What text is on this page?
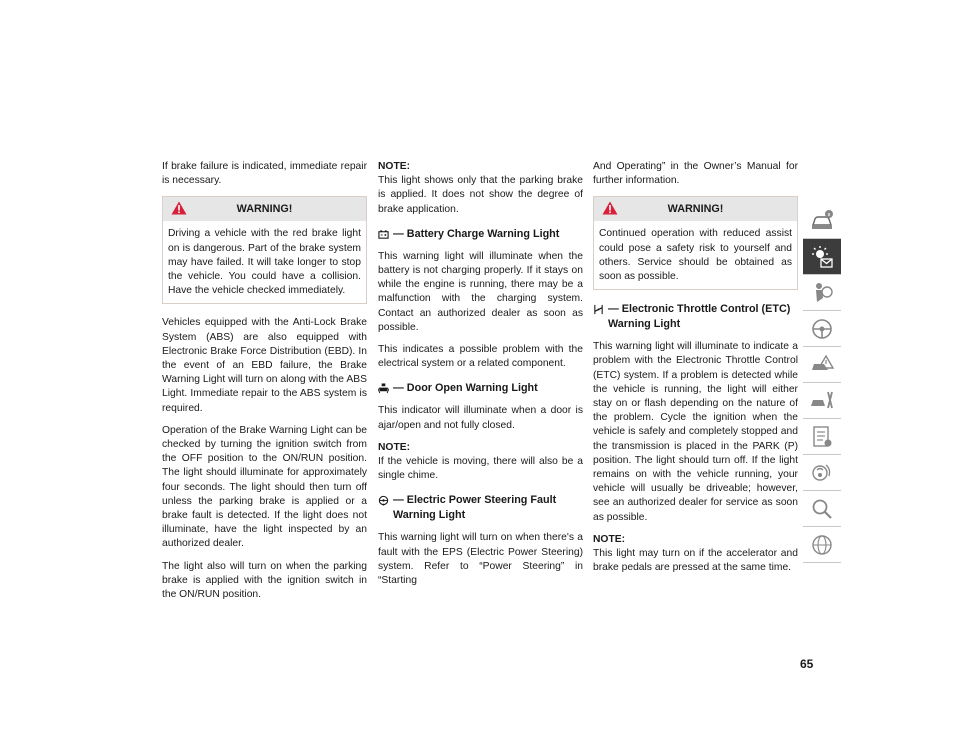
If brake failure is indicated, immediate repair is necessary.

WARNING!
Driving a vehicle with the red brake light on is dangerous. Part of the brake system may have failed. It will take longer to stop the vehicle. You could have a collision. Have the vehicle checked immediately.

Vehicles equipped with the Anti-Lock Brake System (ABS) are also equipped with Electronic Brake Force Distribution (EBD). In the event of an EBD failure, the Brake Warning Light will turn on along with the ABS Light. Immediate repair to the ABS system is required.

Operation of the Brake Warning Light can be checked by turning the ignition switch from the OFF position to the ON/RUN position. The light should illuminate for approximately four seconds. The light should then turn off unless the parking brake is applied or a brake fault is detected. If the light does not illuminate, have the light inspected by an authorized dealer.

The light also will turn on when the parking brake is applied with the ignition switch in the ON/RUN position.

NOTE:
This light shows only that the parking brake is applied. It does not show the degree of brake application.

— Battery Charge Warning Light

This warning light will illuminate when the battery is not charging properly. If it stays on while the engine is running, there may be a malfunction with the charging system. Contact an authorized dealer as soon as possible.

This indicates a possible problem with the electrical system or a related component.

— Door Open Warning Light

This indicator will illuminate when a door is ajar/open and not fully closed.

NOTE:
If the vehicle is moving, there will also be a single chime.

— Electric Power Steering Fault Warning Light

This warning light will turn on when there's a fault with the EPS (Electric Power Steering) system. Refer to “Power Steering” in “Starting

And Operating” in the Owner’s Manual for further information.

WARNING!
Continued operation with reduced assist could pose a safety risk to yourself and others. Service should be obtained as soon as possible.
— Electronic Throttle Control (ETC) Warning Light

This warning light will illuminate to indicate a problem with the Electronic Throttle Control (ETC) system. If a problem is detected while the vehicle is running, the light will either stay on or flash depending on the nature of the problem. Cycle the ignition when the vehicle is safely and completely stopped and the transmission is placed in the PARK (P) position. The light should turn off. If the light remains on with the vehicle running, your vehicle will usually be driveable; however, see an authorized dealer for service as soon as possible.

NOTE:
This light may turn on if the accelerator and brake pedals are pressed at the same time.

65
